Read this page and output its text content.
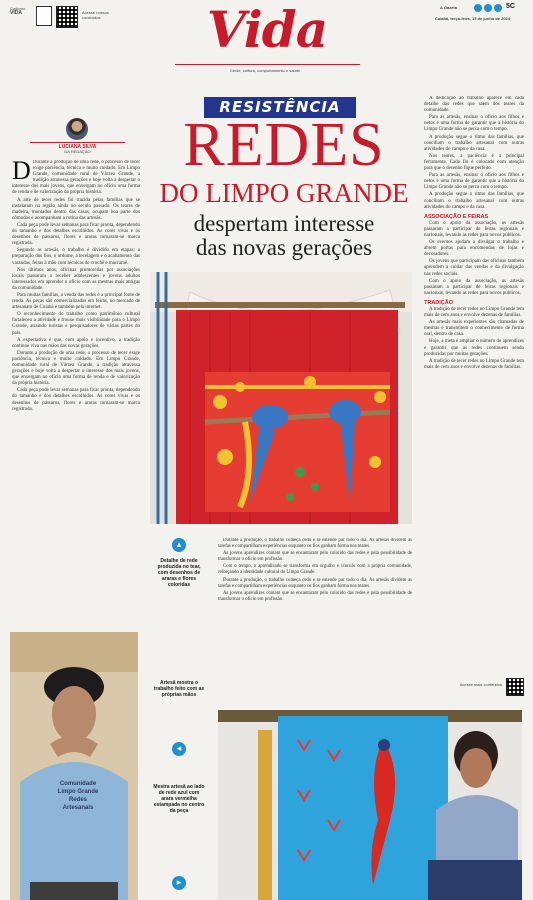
Caderno
VIDA	Acesse nossos conteúdos	Vida
Gente, cultura, comportamento e saúde
A Gazeta	5C
Cuiabá, terça-feira, 15 de junho de 2024
LUCIANA SILVA
DA REDAÇÃO

D Durante a produção de uma rede, o processo de tecer exige paciência, técnica e muito cuidado. Em Limpo Grande, comunidade rural de Várzea Grande, a tradição atravessa gerações e hoje volta a despertar o interesse dos mais jovens, que enxergam no ofício uma forma de renda e de valorização da própria história.

A arte de tecer redes foi trazida pelas famílias que se instalaram na região ainda no século passado. Os teares de madeira, montados dentro das casas, ocupam boa parte dos cômodos e acompanham a rotina das artesãs.

Cada peça pode levar semanas para ficar pronta, dependendo do tamanho e dos detalhes escolhidos. As cores vivas e os desenhos de pássaros, flores e araras tornaram-se marca registrada.

Segundo as artesãs, o trabalho é dividido em etapas: a preparação dos fios, o urdume, a tecelagem e o acabamento das varandas, feitas à mão com técnicas de crochê e macramê.

Nos últimos anos, oficinas promovidas por associações locais passaram a receber adolescentes e jovens adultos interessados em aprender o ofício com as mestras mais antigas da comunidade.

Para muitas famílias, a venda das redes é a principal fonte de renda. As peças são comercializadas em feiras, no mercado de artesanato de Cuiabá e também pela internet.

O reconhecimento do trabalho como patrimônio cultural fortaleceu a atividade e trouxe mais visibilidade para o Limpo Grande, atraindo turistas e pesquisadores de várias partes do país.

A expectativa é que, com apoio e incentivo, a tradição continue viva nas mãos das novas gerações.

Durante a produção de uma rede, o processo de tecer exige paciência, técnica e muito cuidado. Em Limpo Grande, comunidade rural de Várzea Grande, a tradição atravessa gerações e hoje volta a despertar o interesse dos mais jovens, que enxergam no ofício uma forma de renda e de valorização da própria história.

Cada peça pode levar semanas para ficar pronta, dependendo do tamanho e dos detalhes escolhidos. As cores vivas e os desenhos de pássaros, flores e araras tornaram-se marca registrada.

RESISTÊNCIA
REDES
DO LIMPO GRANDE
despertam interesse
das novas gerações

A dedicação ao trabalho aparece em cada detalhe das redes que saem dos teares da comunidade.

Para as artesãs, ensinar o ofício aos filhos e netos é uma forma de garantir que a história do Limpo Grande não se perca com o tempo.

A produção segue o ritmo das famílias, que conciliam o trabalho artesanal com outras atividades do campo e da casa.

Nos teares, a paciência é a principal ferramenta. Cada fio é colocado com atenção para que o desenho fique perfeito.

Para as artesãs, ensinar o ofício aos filhos e netos é uma forma de garantir que a história do Limpo Grande não se perca com o tempo.

A produção segue o ritmo das famílias, que conciliam o trabalho artesanal com outras atividades do campo e da casa.

ASSOCIAÇÃO E FEIRAS

Com o apoio da associação, as artesãs passaram a participar de feiras regionais e nacionais, levando as redes para novos públicos.

Os eventos ajudam a divulgar o trabalho e abrem portas para encomendas de lojas e decoradores.

Os jovens que participam das oficinas também aprendem a cuidar das vendas e da divulgação nas redes sociais.

Com o apoio da associação, as artesãs passaram a participar de feiras regionais e nacionais, levando as redes para novos públicos.

TRADIÇÃO

A tradição de tecer redes no Limpo Grande tem mais de cem anos e envolve dezenas de famílias.

As artesãs mais experientes são chamadas de mestras e transmitem o conhecimento de forma oral, dentro de casa.

Hoje, a meta é ampliar o número de aprendizes e garantir que as redes continuem sendo produzidas por muitas gerações.

A tradição de tecer redes no Limpo Grande tem mais de cem anos e envolve dezenas de famílias.

Acesse mais conteúdos
▴
Detalhe de rede produzida no tear, com desenhos de araras e flores coloridas
Artesã mostra o trabalho feito com as próprias mãos
◂
Mestra artesã ao lado de rede azul com arara vermelha estampada no centro da peça
▸

Durante a produção, o trabalho começa cedo e se estende por todo o dia. As artesãs dividem as tarefas e compartilham experiências enquanto os fios ganham forma nos teares.

As jovens aprendizes contam que se encantaram pelo colorido das redes e pela possibilidade de transformar o ofício em profissão.

Com o tempo, o aprendizado se transforma em orgulho e vínculo com a própria comunidade, reforçando a identidade cultural do Limpo Grande.

Durante a produção, o trabalho começa cedo e se estende por todo o dia. As artesãs dividem as tarefas e compartilham experiências enquanto os fios ganham forma nos teares.

As jovens aprendizes contam que se encantaram pelo colorido das redes e pela possibilidade de transformar o ofício em profissão.

Comunidade
Limpo Grande
Redes
Artesanais
